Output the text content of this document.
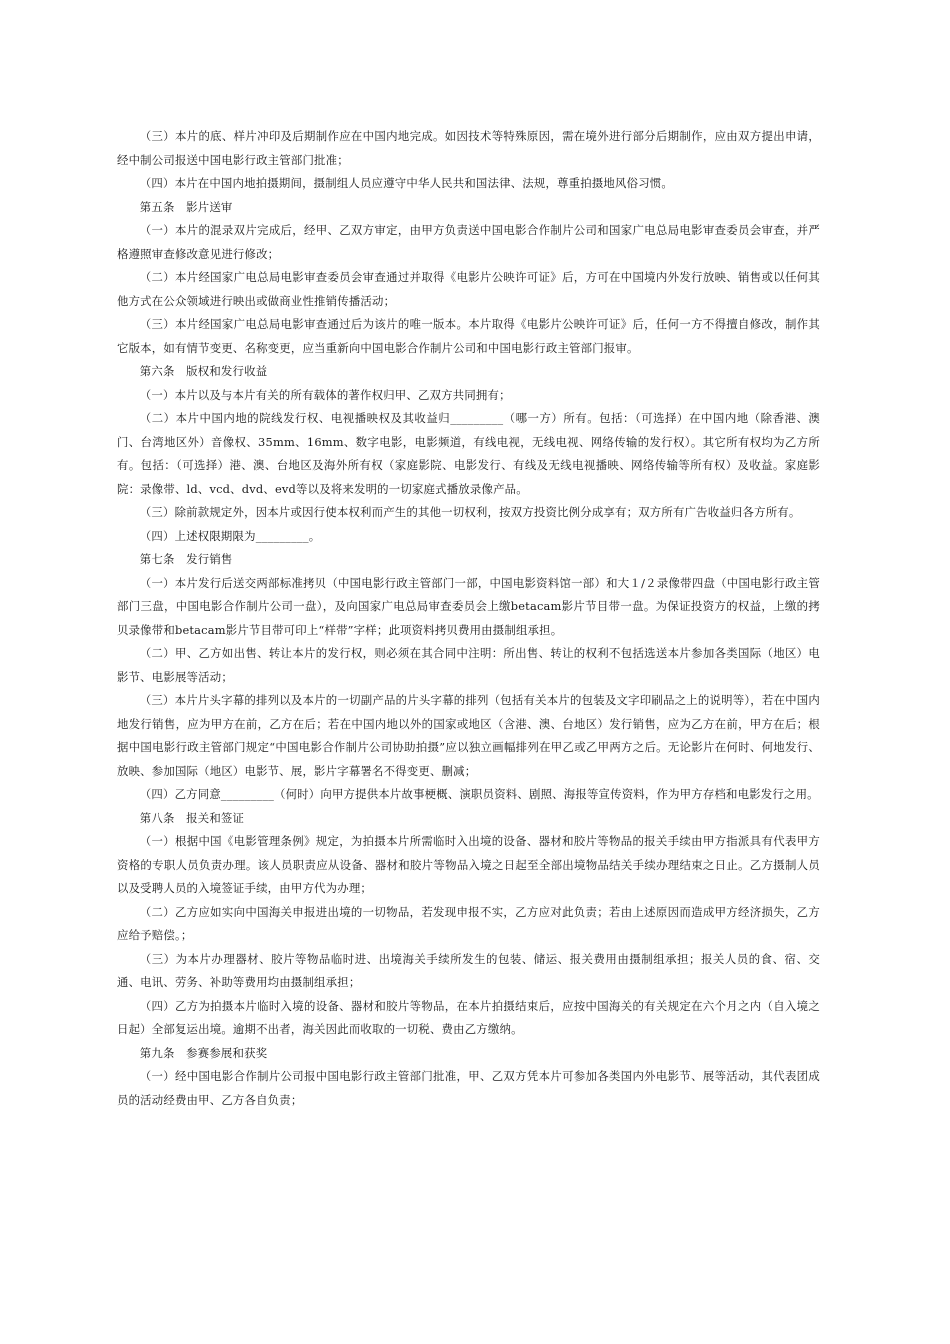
（三）本片的底、样片冲印及后期制作应在中国内地完成。如因技术等特殊原因，需在境外进行部分后期制作，应由双方提出申请，经中制公司报送中国电影行政主管部门批准；

（四）本片在中国内地拍摄期间，摄制组人员应遵守中华人民共和国法律、法规，尊重拍摄地风俗习惯。

第五条　影片送审

（一）本片的混录双片完成后，经甲、乙双方审定，由甲方负责送中国电影合作制片公司和国家广电总局电影审查委员会审查，并严格遵照审查修改意见进行修改；

（二）本片经国家广电总局电影审查委员会审查通过并取得《电影片公映许可证》后，方可在中国境内外发行放映、销售或以任何其他方式在公众领域进行映出或做商业性推销传播活动；

（三）本片经国家广电总局电影审查通过后为该片的唯一版本。本片取得《电影片公映许可证》后，任何一方不得擅自修改，制作其它版本，如有情节变更、名称变更，应当重新向中国电影合作制片公司和中国电影行政主管部门报审。

第六条　版权和发行收益

（一）本片以及与本片有关的所有载体的著作权归甲、乙双方共同拥有；

（二）本片中国内地的院线发行权、电视播映权及其收益归_________（哪一方）所有。包括：（可选择）在中国内地（除香港、澳门、台湾地区外）音像权、35mm、16mm、数字电影，电影频道，有线电视，无线电视、网络传输的发行权）。其它所有权均为乙方所有。包括：（可选择）港、澳、台地区及海外所有权（家庭影院、电影发行、有线及无线电视播映、网络传输等所有权）及收益。家庭影院：录像带、ld、vcd、dvd、evd等以及将来发明的一切家庭式播放录像产品。

（三）除前款规定外，因本片或因行使本权利而产生的其他一切权利，按双方投资比例分成享有；双方所有广告收益归各方所有。

（四）上述权限期限为_________。

第七条　发行销售

（一）本片发行后送交两部标准拷贝（中国电影行政主管部门一部，中国电影资料馆一部）和大１/２录像带四盘（中国电影行政主管部门三盘，中国电影合作制片公司一盘），及向国家广电总局审查委员会上缴betacam影片节目带一盘。为保证投资方的权益，上缴的拷贝录像带和betacam影片节目带可印上“样带”字样；此项资料拷贝费用由摄制组承担。

（二）甲、乙方如出售、转让本片的发行权，则必须在其合同中注明：所出售、转让的权利不包括选送本片参加各类国际（地区）电影节、电影展等活动；

（三）本片片头字幕的排列以及本片的一切副产品的片头字幕的排列（包括有关本片的包装及文字印刷品之上的说明等），若在中国内地发行销售，应为甲方在前，乙方在后；若在中国内地以外的国家或地区（含港、澳、台地区）发行销售，应为乙方在前，甲方在后；根据中国电影行政主管部门规定“中国电影合作制片公司协助拍摄”应以独立画幅排列在甲乙或乙甲两方之后。无论影片在何时、何地发行、放映、参加国际（地区）电影节、展，影片字幕署名不得变更、删减；

（四）乙方同意_________（何时）向甲方提供本片故事梗概、演职员资料、剧照、海报等宣传资料，作为甲方存档和电影发行之用。

第八条　报关和签证

（一）根据中国《电影管理条例》规定，为拍摄本片所需临时入出境的设备、器材和胶片等物品的报关手续由甲方指派具有代表甲方资格的专职人员负责办理。该人员职责应从设备、器材和胶片等物品入境之日起至全部出境物品结关手续办理结束之日止。乙方摄制人员以及受聘人员的入境签证手续，由甲方代为办理；

（二）乙方应如实向中国海关申报进出境的一切物品，若发现申报不实，乙方应对此负责；若由上述原因而造成甲方经济损失，乙方应给予赔偿。；

（三）为本片办理器材、胶片等物品临时进、出境海关手续所发生的包装、储运、报关费用由摄制组承担；报关人员的食、宿、交通、电讯、劳务、补助等费用均由摄制组承担；

（四）乙方为拍摄本片临时入境的设备、器材和胶片等物品，在本片拍摄结束后，应按中国海关的有关规定在六个月之内（自入境之日起）全部复运出境。逾期不出者，海关因此而收取的一切税、费由乙方缴纳。

第九条　参赛参展和获奖

（一）经中国电影合作制片公司报中国电影行政主管部门批准，甲、乙双方凭本片可参加各类国内外电影节、展等活动，其代表团成员的活动经费由甲、乙方各自负责；
